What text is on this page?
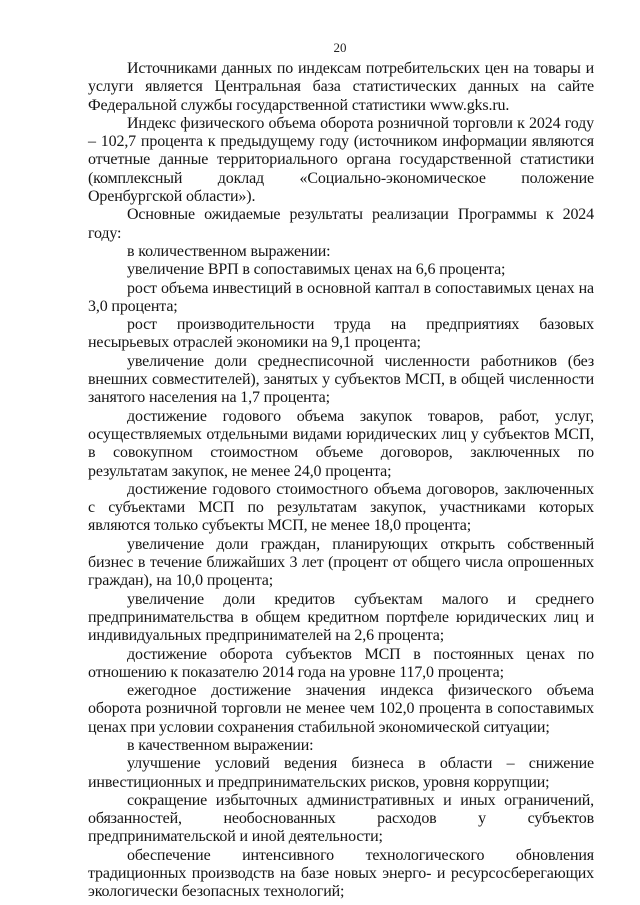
20

Источниками данных по индексам потребительских цен на товары и услуги является Центральная база статистических данных на сайте Федеральной службы государственной статистики www.gks.ru.

Индекс физического объема оборота розничной торговли к 2024 году – 102,7 процента к предыдущему году (источником информации являются отчетные данные территориального органа государственной статистики (комплексный доклад «Социально-экономическое положение Оренбургской области»).

Основные ожидаемые результаты реализации Программы к 2024 году:

в количественном выражении:

увеличение ВРП в сопоставимых ценах на 6,6 процента;

рост объема инвестиций в основной каптал в сопоставимых ценах на 3,0 процента;

рост производительности труда на предприятиях базовых несырьевых отраслей экономики на 9,1 процента;

увеличение доли среднесписочной численности работников (без внешних совместителей), занятых у субъектов МСП, в общей численности занятого населения на 1,7 процента;

достижение годового объема закупок товаров, работ, услуг, осуществляемых отдельными видами юридических лиц у субъектов МСП, в совокупном стоимостном объеме договоров, заключенных по результатам закупок, не менее 24,0 процента;

достижение годового стоимостного объема договоров, заключенных с субъектами МСП по результатам закупок, участниками которых являются только субъекты МСП, не менее 18,0 процента;

увеличение доли граждан, планирующих открыть собственный бизнес в течение ближайших 3 лет (процент от общего числа опрошенных граждан), на 10,0 процента;

увеличение доли кредитов субъектам малого и среднего предпринимательства в общем кредитном портфеле юридических лиц и индивидуальных предпринимателей на 2,6 процента;

достижение оборота субъектов МСП в постоянных ценах по отношению к показателю 2014 года на уровне 117,0 процента;

ежегодное достижение значения индекса физического объема оборота розничной торговли не менее чем 102,0 процента в сопоставимых ценах при условии сохранения стабильной экономической ситуации;

в качественном выражении:

улучшение условий ведения бизнеса в области – снижение инвестиционных и предпринимательских рисков, уровня коррупции;

сокращение избыточных административных и иных ограничений, обязанностей, необоснованных расходов у субъектов предпринимательской и иной деятельности;

обеспечение интенсивного технологического обновления традиционных производств на базе новых энерго- и ресурсосберегающих экологически безопасных технологий;
